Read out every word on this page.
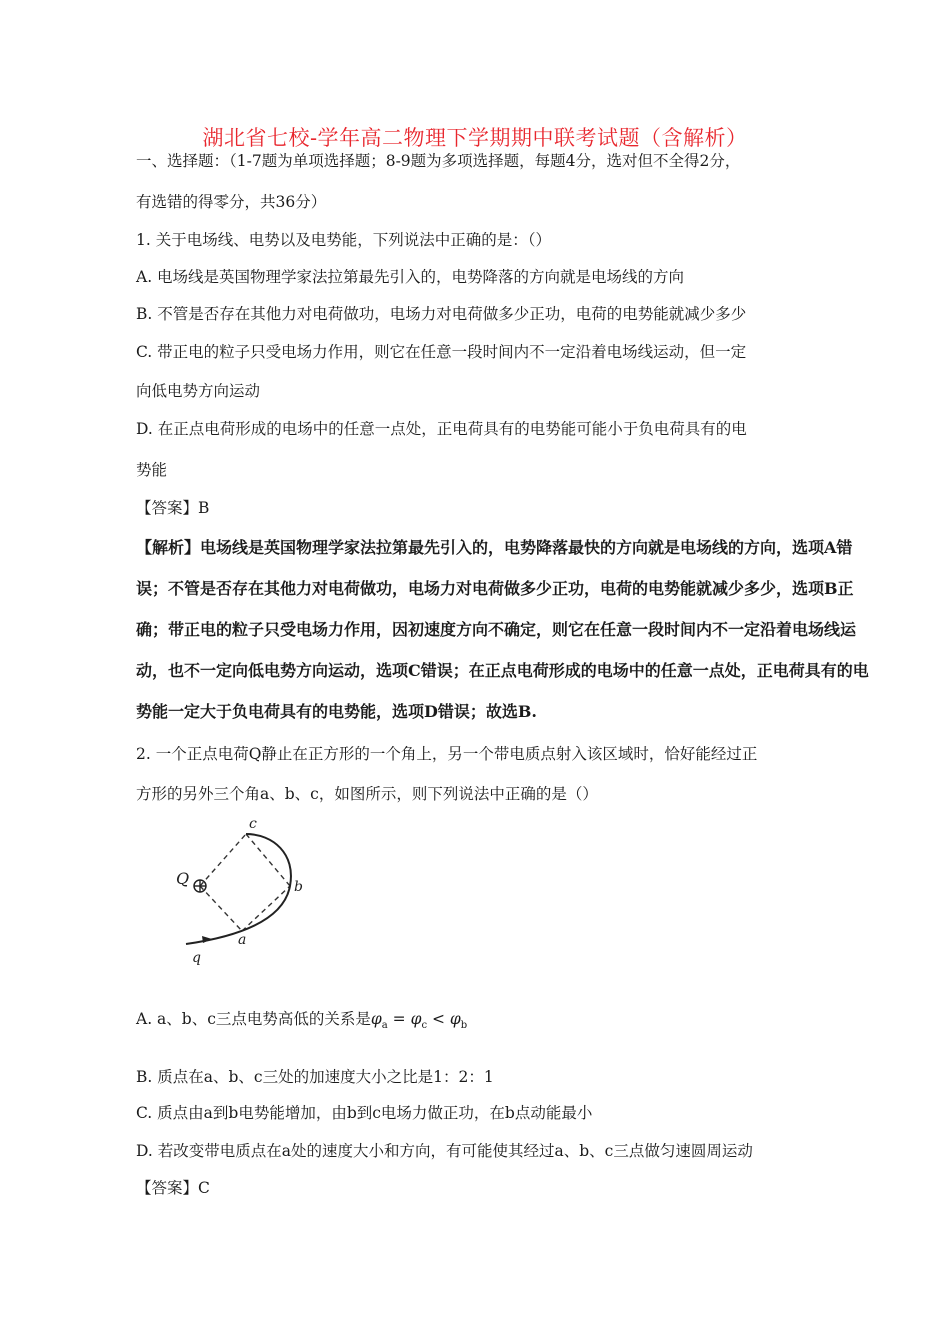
湖北省七校-学年高二物理下学期期中联考试题（含解析）
一、选择题：（1-7题为单项选择题；8-9题为多项选择题，每题4分，选对但不全得2分，
有选错的得零分，共36分）
1. 关于电场线、电势以及电势能，下列说法中正确的是：（）
A. 电场线是英国物理学家法拉第最先引入的，电势降落的方向就是电场线的方向
B. 不管是否存在其他力对电荷做功，电场力对电荷做多少正功，电荷的电势能就减少多少
C. 带正电的粒子只受电场力作用，则它在任意一段时间内不一定沿着电场线运动，但一定
向低电势方向运动
D. 在正点电荷形成的电场中的任意一点处，正电荷具有的电势能可能小于负电荷具有的电
势能
【答案】B
【解析】电场线是英国物理学家法拉第最先引入的，电势降落最快的方向就是电场线的方向，选项A错
误；不管是否存在其他力对电荷做功，电场力对电荷做多少正功，电荷的电势能就减少多少，选项B正
确；带正电的粒子只受电场力作用，因初速度方向不确定，则它在任意一段时间内不一定沿着电场线运
动，也不一定向低电势方向运动，选项C错误；在正点电荷形成的电场中的任意一点处，正电荷具有的电
势能一定大于负电荷具有的电势能，选项D错误；故选B.
2. 一个正点电荷Q静止在正方形的一个角上，另一个带电质点射入该区域时，恰好能经过正
方形的另外三个角a、b、c，如图所示，则下列说法中正确的是（）
c
b
a
Q
q
A. a、b、c三点电势高低的关系是$\varphi_a = \varphi_c < \varphi_b$
B. 质点在a、b、c三处的加速度大小之比是1：2：1
C. 质点由a到b电势能增加，由b到c电场力做正功，在b点动能最小
D. 若改变带电质点在a处的速度大小和方向，有可能使其经过a、b、c三点做匀速圆周运动
【答案】C
